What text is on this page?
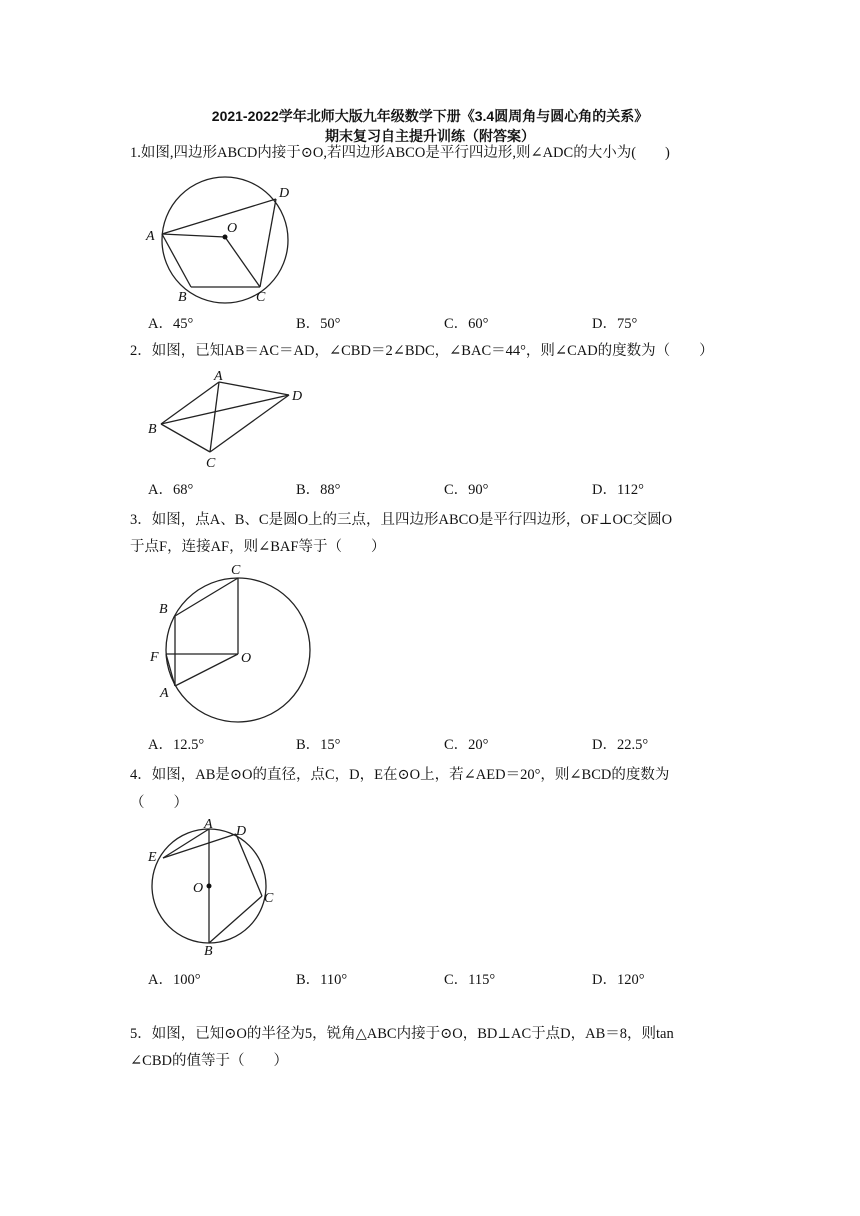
2021-2022学年北师大版九年级数学下册《3.4圆周角与圆心角的关系》
期末复习自主提升训练（附答案）
1.如图,四边形ABCD内接于⊙O,若四边形ABCO是平行四边形,则∠ADC的大小为(　　)
A
B	C
D
O
A．45°	B．50°	C．60°	D．75°
2．如图，已知AB＝AC＝AD，∠CBD＝2∠BDC，∠BAC＝44°，则∠CAD的度数为（　　）
A
B
C
D
A．68°	B．88°	C．90°	D．112°
3．如图，点A、B、C是圆O上的三点，且四边形ABCO是平行四边形，OF⊥OC交圆O
于点F，连接AF，则∠BAF等于（　　）
C
B
F	O
A
A．12.5°	B．15°	C．20°	D．22.5°
4．如图，AB是⊙O的直径，点C，D，E在⊙O上，若∠AED＝20°，则∠BCD的度数为
（　　）
A D
E
O
C
B
A．100°	B．110°	C．115°	D．120°
5．如图，已知⊙O的半径为5，锐角△ABC内接于⊙O，BD⊥AC于点D，AB＝8，则tan
∠CBD的值等于（　　）
